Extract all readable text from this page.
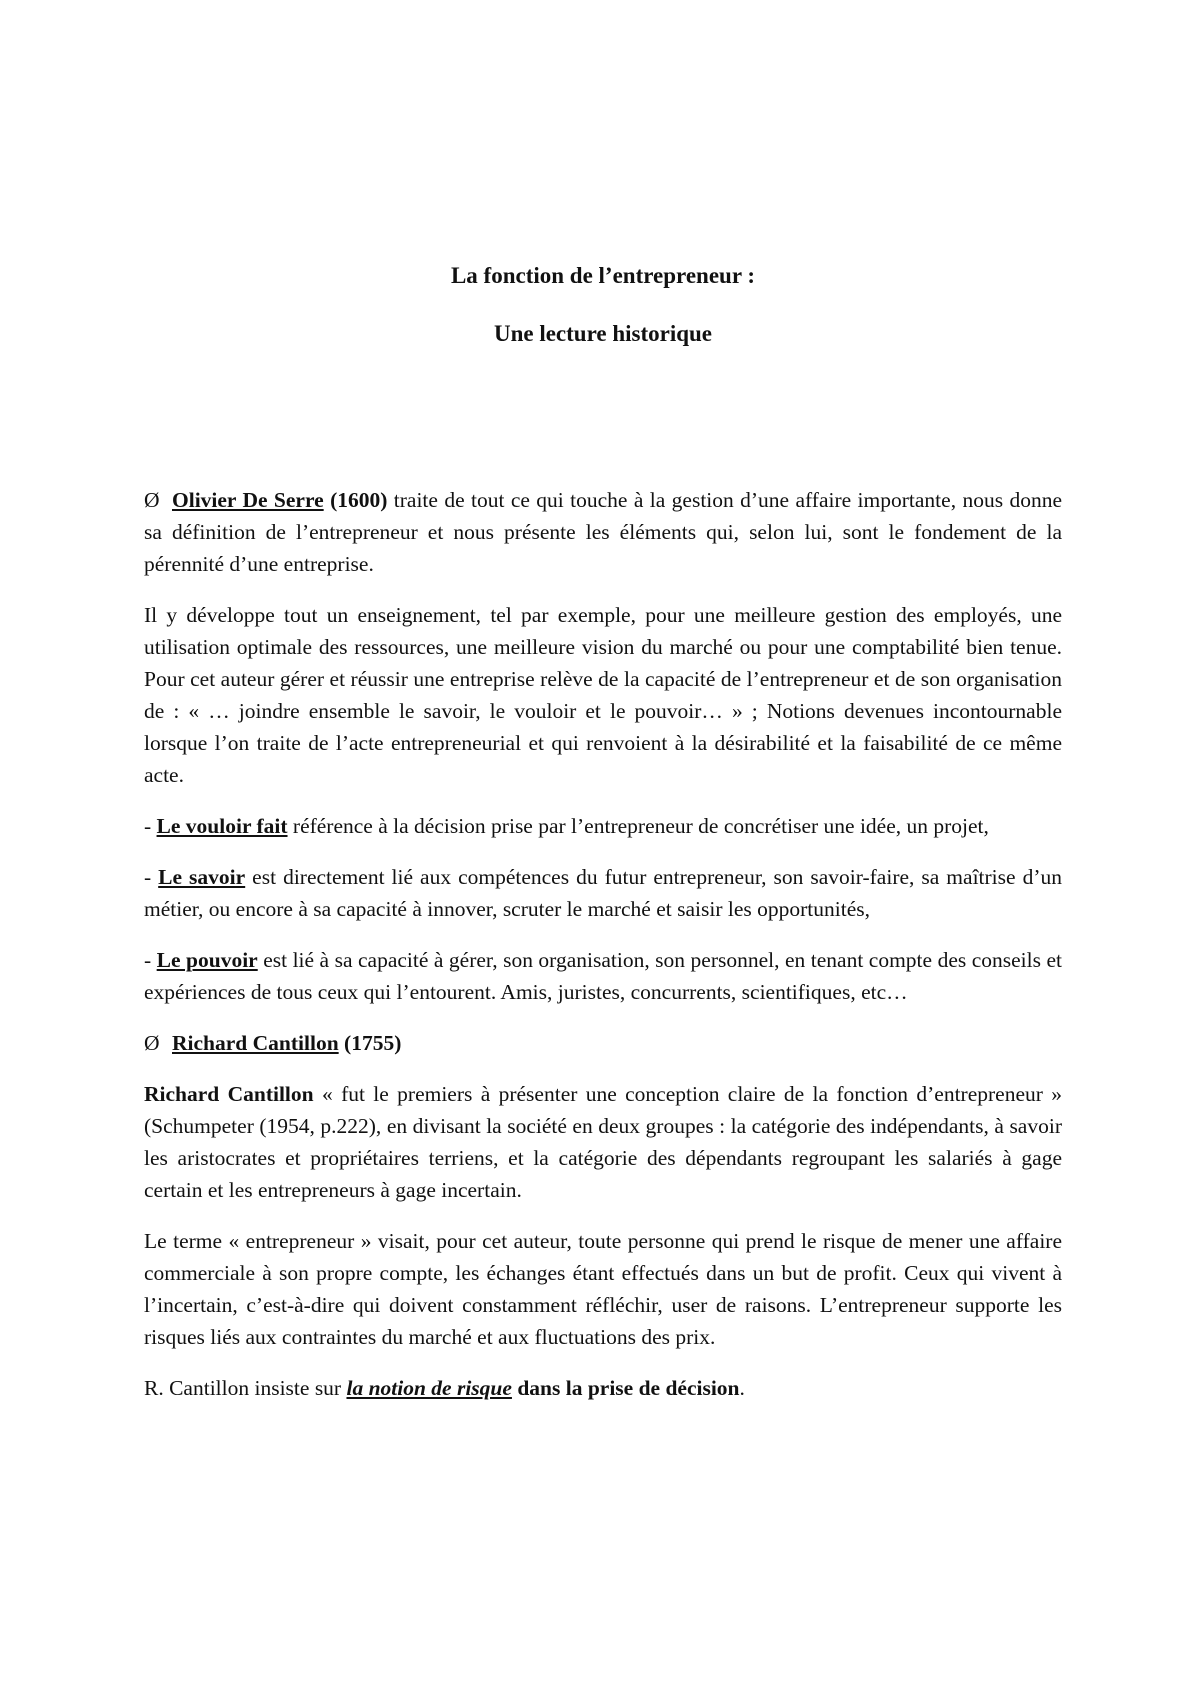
La fonction de l’entrepreneur :
Une lecture historique

Ø Olivier De Serre (1600) traite de tout ce qui touche à la gestion d’une affaire importante, nous donne sa définition de l’entrepreneur et nous présente les éléments qui, selon lui, sont le fondement de la pérennité d’une entreprise.

Il y développe tout un enseignement, tel par exemple, pour une meilleure gestion des employés, une utilisation optimale des ressources, une meilleure vision du marché ou pour une comptabilité bien tenue. Pour cet auteur gérer et réussir une entreprise relève de la capacité de l’entrepreneur et de son organisation de : « … joindre ensemble le savoir, le vouloir et le pouvoir… » ; Notions devenues incontournable lorsque l’on traite de l’acte entrepreneurial et qui renvoient à la désirabilité et la faisabilité de ce même acte.

- Le vouloir fait référence à la décision prise par l’entrepreneur de concrétiser une idée, un projet,

- Le savoir est directement lié aux compétences du futur entrepreneur, son savoir-faire, sa maîtrise d’un métier, ou encore à sa capacité à innover, scruter le marché et saisir les opportunités,

- Le pouvoir est lié à sa capacité à gérer, son organisation, son personnel, en tenant compte des conseils et expériences de tous ceux qui l’entourent. Amis, juristes, concurrents, scientifiques, etc…

Ø Richard Cantillon (1755)

Richard Cantillon « fut le premiers à présenter une conception claire de la fonction d’entrepreneur » (Schumpeter (1954, p.222), en divisant la société en deux groupes : la catégorie des indépendants, à savoir les aristocrates et propriétaires terriens, et la catégorie des dépendants regroupant les salariés à gage certain et les entrepreneurs à gage incertain.

Le terme « entrepreneur » visait, pour cet auteur, toute personne qui prend le risque de mener une affaire commerciale à son propre compte, les échanges étant effectués dans un but de profit. Ceux qui vivent à l’incertain, c’est-à-dire qui doivent constamment réfléchir, user de raisons. L’entrepreneur supporte les risques liés aux contraintes du marché et aux fluctuations des prix.

R. Cantillon insiste sur la notion de risque dans la prise de décision.
